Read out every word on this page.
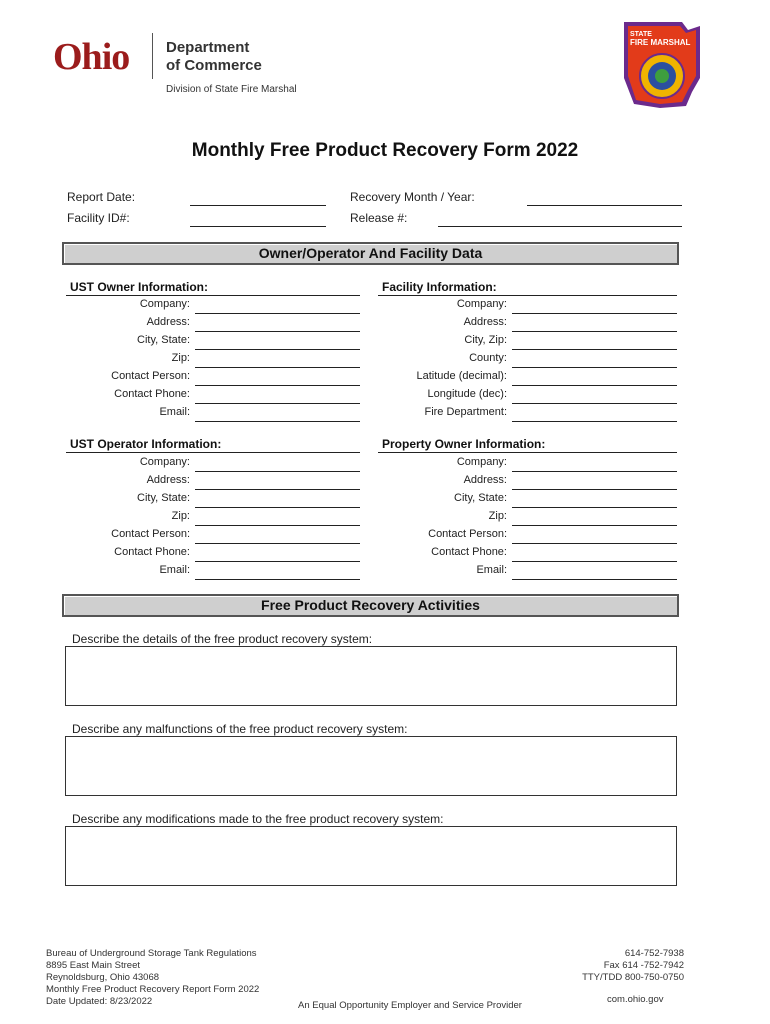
Ohio Department
of Commerce
Division of State Fire Marshal
STATE
FIRE MARSHAL
Monthly Free Product Recovery Form 2022
Report Date:
Facility ID#:
Recovery Month / Year:
Release #:
Owner/Operator And Facility Data
UST Owner Information:
Company:
Address:
City, State:
Zip:
Contact Person:
Contact Phone:
Email:
Facility Information:
Company:
Address:
City, Zip:
County:
Latitude (decimal):
Longitude (dec):
Fire Department:
UST Operator Information:
Company:
Address:
City, State:
Zip:
Contact Person:
Contact Phone:
Email:
Property Owner Information:
Company:
Address:
City, State:
Zip:
Contact Person:
Contact Phone:
Email:
Free Product Recovery Activities
Describe the details of the free product recovery system:
Describe any malfunctions of the free product recovery system:
Describe any modifications made to the free product recovery system:
Bureau of Underground Storage Tank Regulations
8895 East Main Street
Reynoldsburg, Ohio 43068
Monthly Free Product Recovery Report Form 2022
Date Updated: 8/23/2022	An Equal Opportunity Employer and Service Provider
614-752-7938
Fax 614 -752-7942
TTY/TDD 800-750-0750
com.ohio.gov
